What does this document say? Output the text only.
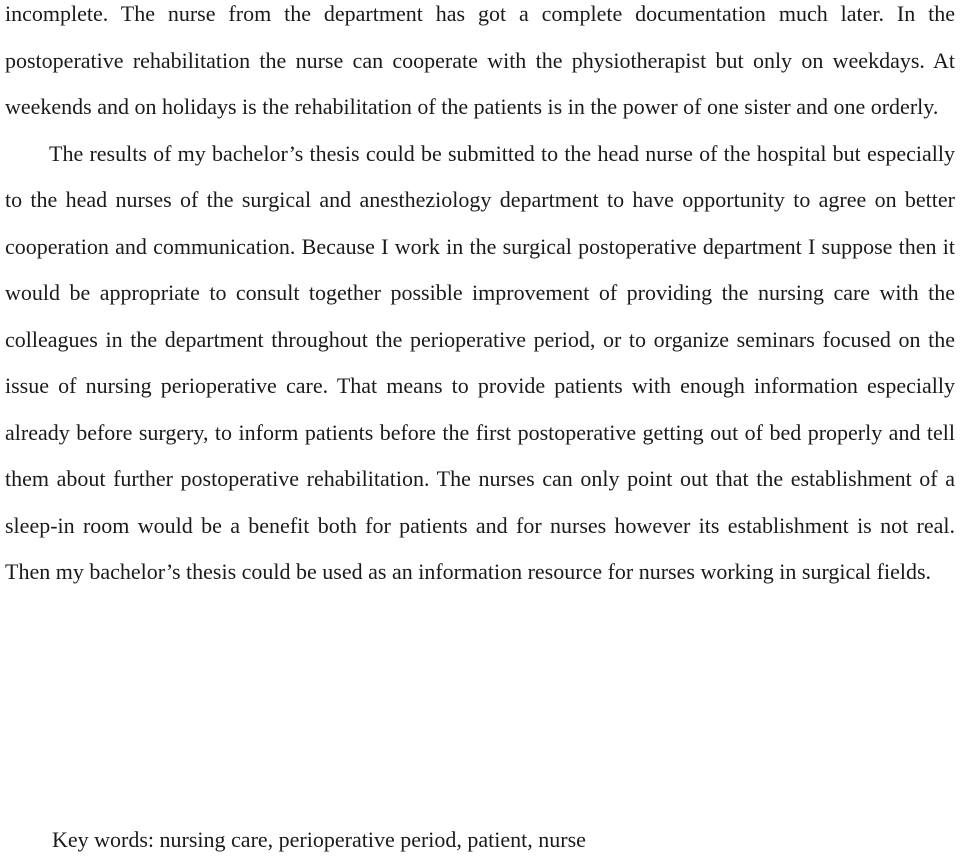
incomplete. The nurse from the department has got a complete documentation much later. In the postoperative rehabilitation the nurse can cooperate with the physiotherapist but only on weekdays. At weekends and on holidays is the rehabilitation of the patients is in the power of one sister and one orderly.

The results of my bachelor’s thesis could be submitted to the head nurse of the hospital but especially to the head nurses of the surgical and anestheziology department to have opportunity to agree on better cooperation and communication. Because I work in the surgical postoperative department I suppose then it would be appropriate to consult together possible improvement of providing the nursing care with the colleagues in the department throughout the perioperative period, or to organize seminars focused on the issue of nursing perioperative care. That means to provide patients with enough information especially already before surgery, to inform patients before the first postoperative getting out of bed properly and tell them about further postoperative rehabilitation. The nurses can only point out that the establishment of a sleep-in room would be a benefit both for patients and for nurses however its establishment is not real. Then my bachelor’s thesis could be used as an information resource for nurses working in surgical fields.

Key words: nursing care, perioperative period, patient, nurse
